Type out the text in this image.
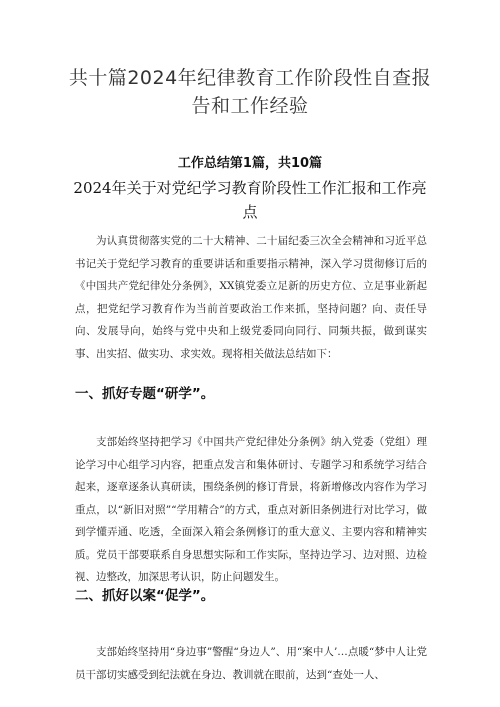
共十篇2024年纪律教育工作阶段性自查报告和工作经验
工作总结第1篇，共10篇
2024年关于对党纪学习教育阶段性工作汇报和工作亮点

为认真贯彻落实党的二十大精神、二十届纪委三次全会精神和习近平总书记关于党纪学习教育的重要讲话和重要指示精神，深入学习贯彻修订后的《中国共产党纪律处分条例》，XX镇党委立足新的历史方位、立足事业新起点，把党纪学习教育作为当前首要政治工作来抓，坚持问题？向、责任导向、发展导向，始终与党中央和上级党委同向同行、同频共振，做到谋实事、出实招、做实功、求实效。现将相关做法总结如下：

一、抓好专题“研学”。

支部始终坚持把学习《中国共产党纪律处分条例》纳入党委（党组）理论学习中心组学习内容，把重点发言和集体研讨、专题学习和系统学习结合起来，逐章逐条认真研读，围绕条例的修订背景，将新增修改内容作为学习重点，以“新旧对照”“学用精合”的方式，重点对新旧条例进行对比学习，做到学懂弄通、吃透，全面深入箱会条例修订的重大意义、主要内容和精神实质。党员干部要联系自身思想实际和工作实际，坚持边学习、边对照、边检视、边整改，加深思考认识，防止问题发生。

二、抓好以案“促学”。

支部始终坚持用“身边事”警醒“身边人”、用“案中人’…点暖“梦中人让党员干部切实感受到纪法就在身边、教训就在眼前，达到“查处一人、
